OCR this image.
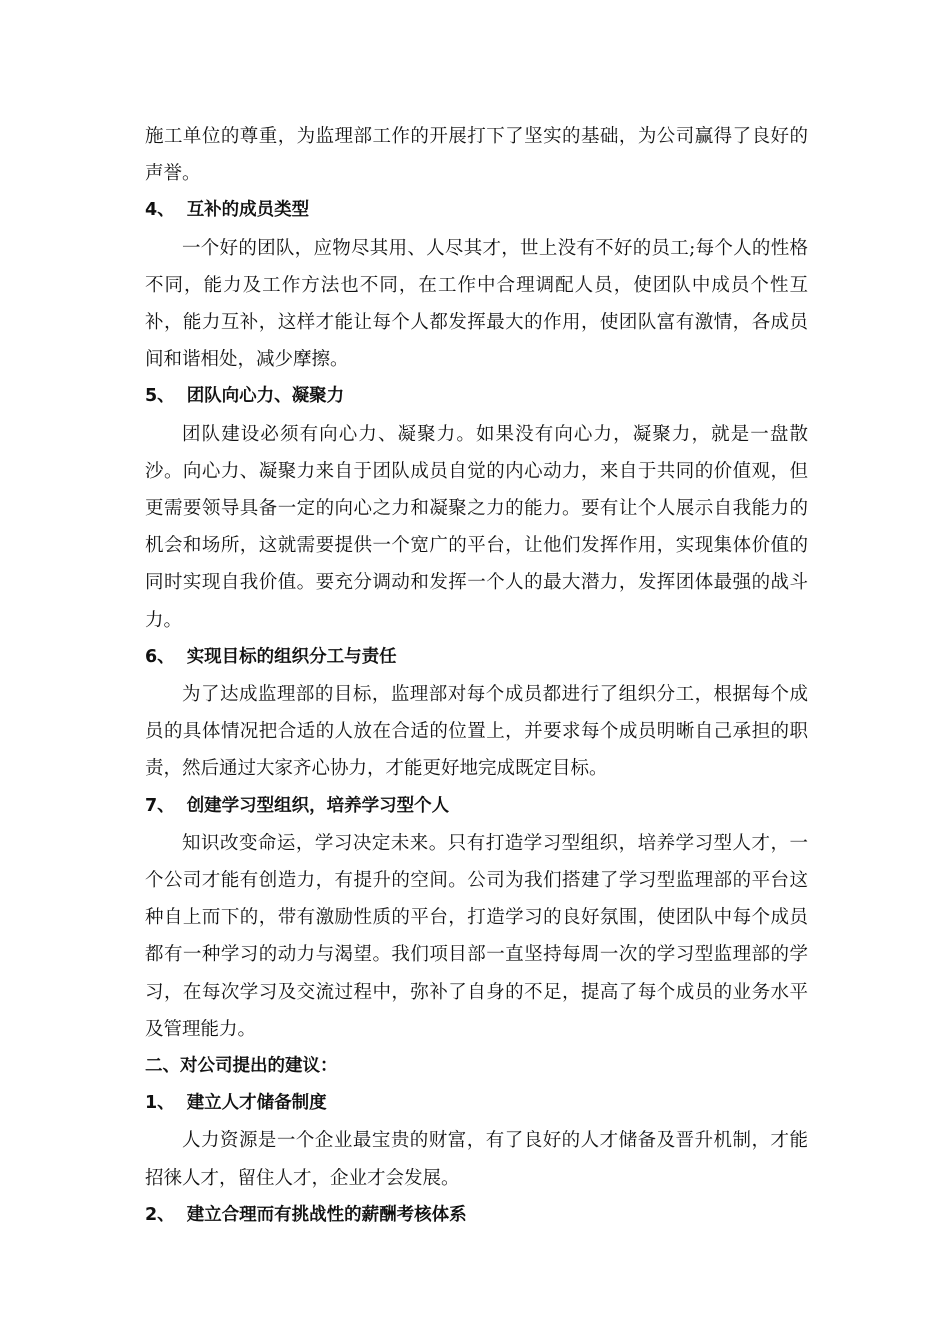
施工单位的尊重，为监理部工作的开展打下了坚实的基础，为公司赢得了良好的声誉。

4、 互补的成员类型

一个好的团队，应物尽其用、人尽其才，世上没有不好的员工;每个人的性格不同，能力及工作方法也不同，在工作中合理调配人员，使团队中成员个性互补，能力互补，这样才能让每个人都发挥最大的作用，使团队富有激情，各成员间和谐相处，减少摩擦。

5、 团队向心力、凝聚力

团队建设必须有向心力、凝聚力。如果没有向心力，凝聚力，就是一盘散沙。向心力、凝聚力来自于团队成员自觉的内心动力，来自于共同的价值观，但更需要领导具备一定的向心之力和凝聚之力的能力。要有让个人展示自我能力的机会和场所，这就需要提供一个宽广的平台，让他们发挥作用，实现集体价值的同时实现自我价值。要充分调动和发挥一个人的最大潜力，发挥团体最强的战斗力。

6、 实现目标的组织分工与责任

为了达成监理部的目标，监理部对每个成员都进行了组织分工，根据每个成员的具体情况把合适的人放在合适的位置上，并要求每个成员明晰自己承担的职责，然后通过大家齐心协力，才能更好地完成既定目标。

7、 创建学习型组织，培养学习型个人

知识改变命运，学习决定未来。只有打造学习型组织，培养学习型人才，一个公司才能有创造力，有提升的空间。公司为我们搭建了学习型监理部的平台这种自上而下的，带有激励性质的平台，打造学习的良好氛围，使团队中每个成员都有一种学习的动力与渴望。我们项目部一直坚持每周一次的学习型监理部的学习，在每次学习及交流过程中，弥补了自身的不足，提高了每个成员的业务水平及管理能力。

二、对公司提出的建议：

1、 建立人才储备制度

人力资源是一个企业最宝贵的财富，有了良好的人才储备及晋升机制，才能招徕人才，留住人才，企业才会发展。

2、 建立合理而有挑战性的薪酬考核体系
